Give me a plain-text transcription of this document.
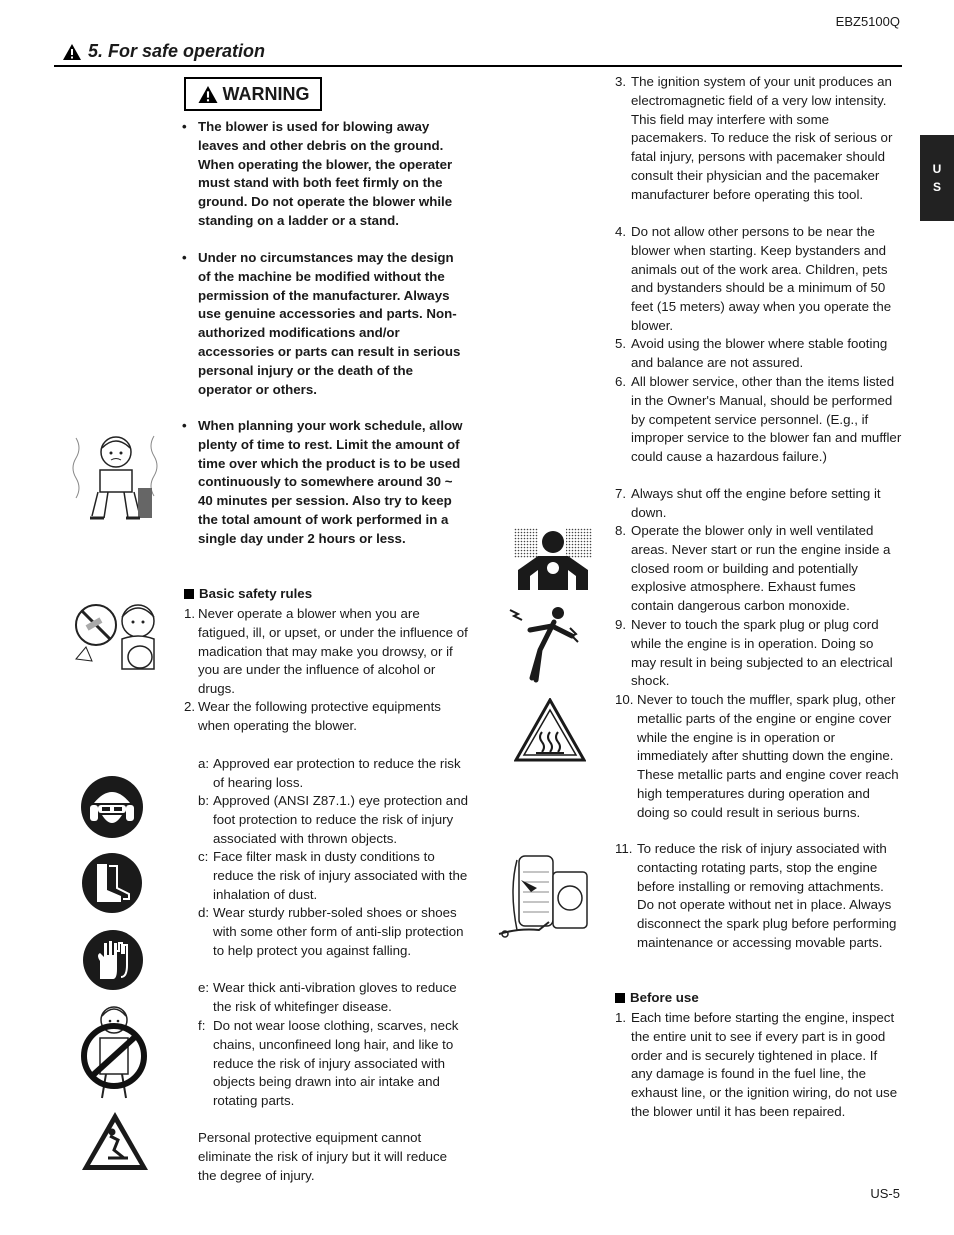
EBZ5100Q
5. For safe operation
U
S
WARNING
• The blower is used for blowing away leaves and other debris on the ground. When operating the blower, the operater must stand with both feet firmly on the ground. Do not operate the blower while standing on a ladder or a stand.
• Under no circumstances may the design of the machine be modified without the permission of the manufacturer. Always use genuine accessories and parts. Non-authorized modifications and/or accessories or parts can result in serious personal injury or the death of the operator or others.
• When planning your work schedule, allow plenty of time to rest. Limit the amount of time over which the product is to be used continuously to somewhere around 30 ~ 40 minutes per session. Also try to keep the total amount of work performed in a single day under 2 hours or less.
Basic safety rules
1. Never operate a blower when you are fatigued, ill, or upset, or under the influence of madication that may make you drowsy, or if you are under the influence of alcohol or drugs.
2. Wear the following protective equipments when operating the blower.
a: Approved ear protection to reduce the risk of hearing loss.
b: Approved (ANSI Z87.1.) eye protection and foot protection to reduce the risk of injury associated with thrown objects.
c: Face filter mask in dusty conditions to reduce the risk of injury associated with the inhalation of dust.
d: Wear sturdy rubber-soled shoes or shoes with some other form of anti-slip protection to help protect you against falling.
e: Wear thick anti-vibration gloves to reduce the risk of whitefinger disease.
f: Do not wear loose clothing, scarves, neck chains, unconfineed long hair, and like to reduce the risk of injury associated with objects being drawn into air intake and rotating parts.
Personal protective equipment cannot eliminate the risk of injury but it will reduce the degree of injury.
3. The ignition system of your unit produces an electromagnetic field of a very low intensity. This field may interfere with some pacemakers. To reduce the risk of serious or fatal injury, persons with pacemaker should consult their physician and the pacemaker manufacturer before operating this tool.
4. Do not allow other persons to be near the blower when starting. Keep bystanders and animals out of the work area. Children, pets and bystanders should be a minimum of 50 feet (15 meters) away when you operate the blower.
5. Avoid using the blower where stable footing and balance are not assured.
6. All blower service, other than the items listed in the Owner's Manual, should be performed by competent service personnel. (E.g., if improper service to the blower fan and muffler could cause a hazardous failure.)
7. Always shut off the engine before setting it down.
8. Operate the blower only in well ventilated areas. Never start or run the engine inside a closed room or building and potentially explosive atmosphere. Exhaust fumes contain dangerous carbon monoxide.
9. Never to touch the spark plug or plug cord while the engine is in operation. Doing so may result in being subjected to an electrical shock.
10. Never to touch the muffler, spark plug, other metallic parts of the engine or engine cover while the engine is in operation or immediately after shutting down the engine. These metallic parts and engine cover reach high temperatures during operation and doing so could result in serious burns.
11. To reduce the risk of injury associated with contacting rotating parts, stop the engine before installing or removing attachments. Do not operate without net in place. Always disconnect the spark plug before performing maintenance or accessing movable parts.
Before use
1. Each time before starting the engine, inspect the entire unit to see if every part is in good order and is securely tightened in place. If any damage is found in the fuel line, the exhaust line, or the ignition wiring, do not use the blower until it has been repaired.
US-5
